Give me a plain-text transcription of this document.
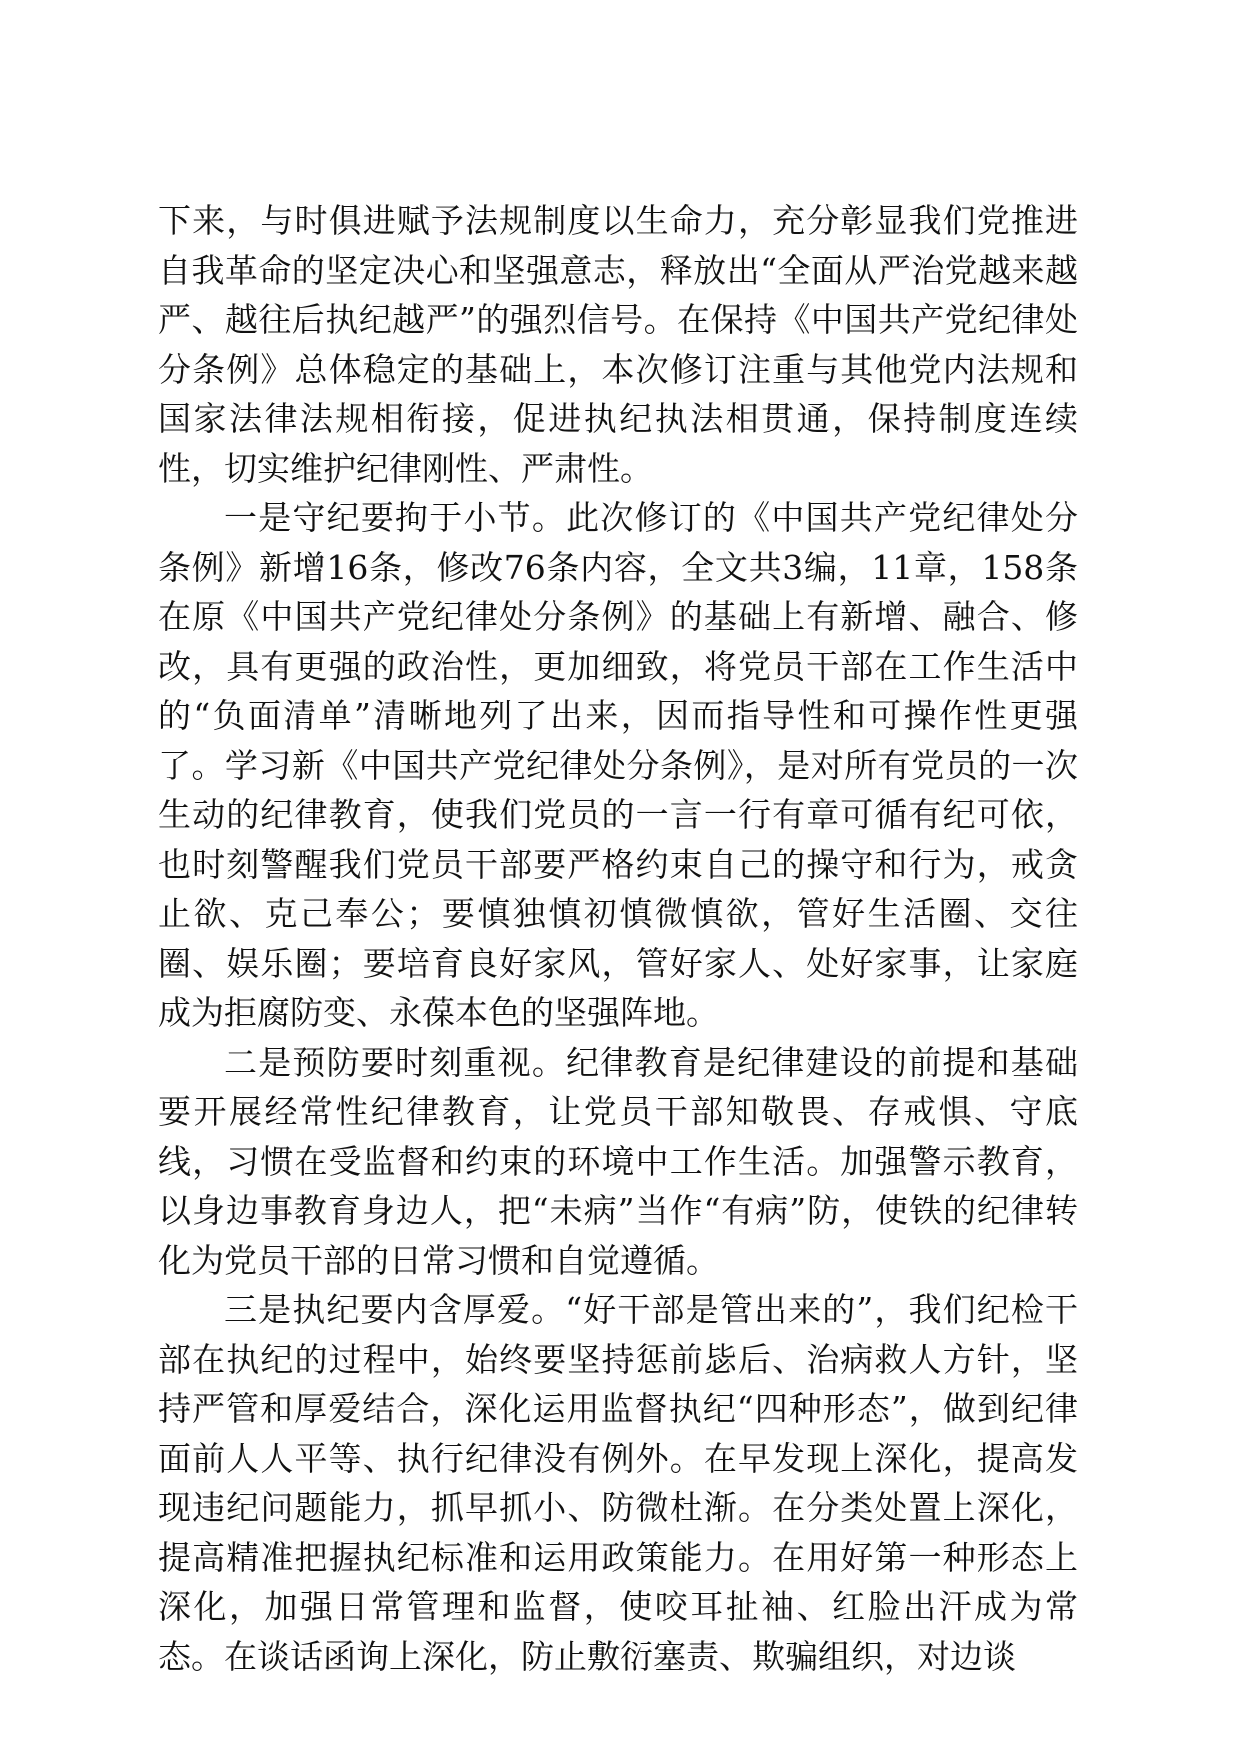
下来，与时俱进赋予法规制度以生命力，充分彰显我们党推进自我革命的坚定决心和坚强意志，释放出“全面从严治党越来越严、越往后执纪越严”的强烈信号。在保持《中国共产党纪律处分条例》总体稳定的基础上，本次修订注重与其他党内法规和国家法律法规相衔接，促进执纪执法相贯通，保持制度连续性，切实维护纪律刚性、严肃性。

一是守纪要拘于小节。此次修订的《中国共产党纪律处分条例》新增16条，修改76条内容，全文共3编，11章，158条在原《中国共产党纪律处分条例》的基础上有新增、融合、修改，具有更强的政治性，更加细致，将党员干部在工作生活中的“负面清单”清晰地列了出来，因而指导性和可操作性更强了。学习新《中国共产党纪律处分条例》，是对所有党员的一次生动的纪律教育，使我们党员的一言一行有章可循有纪可依，也时刻警醒我们党员干部要严格约束自己的操守和行为，戒贪止欲、克己奉公；要慎独慎初慎微慎欲，管好生活圈、交往圈、娱乐圈；要培育良好家风，管好家人、处好家事，让家庭成为拒腐防变、永葆本色的坚强阵地。

二是预防要时刻重视。纪律教育是纪律建设的前提和基础要开展经常性纪律教育，让党员干部知敬畏、存戒惧、守底线，习惯在受监督和约束的环境中工作生活。加强警示教育，以身边事教育身边人，把“未病”当作“有病”防，使铁的纪律转化为党员干部的日常习惯和自觉遵循。

三是执纪要内含厚爱。“好干部是管出来的”，我们纪检干部在执纪的过程中，始终要坚持惩前毖后、治病救人方针，坚持严管和厚爱结合，深化运用监督执纪“四种形态”，做到纪律面前人人平等、执行纪律没有例外。在早发现上深化，提高发现违纪问题能力，抓早抓小、防微杜渐。在分类处置上深化，提高精准把握执纪标准和运用政策能力。在用好第一种形态上深化，加强日常管理和监督，使咬耳扯袖、红脸出汗成为常态。在谈话函询上深化，防止敷衍塞责、欺骗组织，对边谈
